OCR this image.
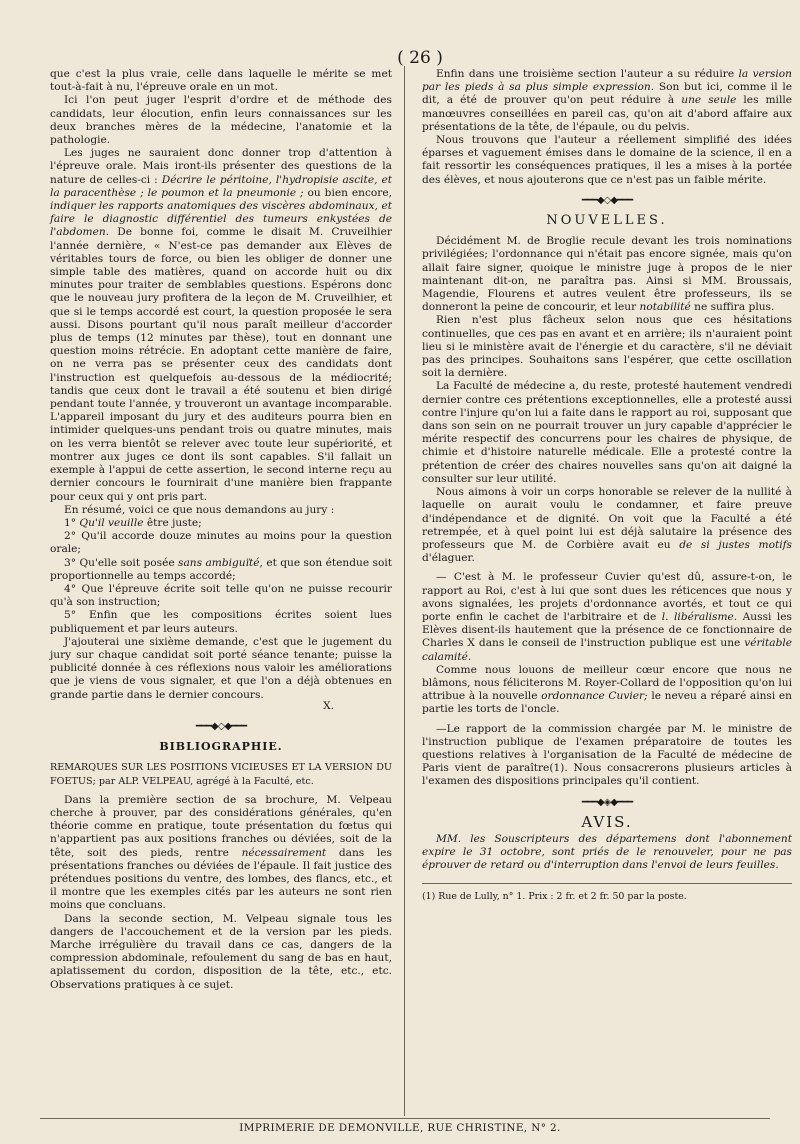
( 26 )

que c'est la plus vraie, celle dans laquelle le mérite se met tout-à-fait à nu, l'épreuve orale en un mot.

Ici l'on peut juger l'esprit d'ordre et de méthode des candidats, leur élocution, enfin leurs connaissances sur les deux branches mères de la médecine, l'anatomie et la pathologie.

Les juges ne sauraient donc donner trop d'attention à l'épreuve orale. Mais iront-ils présenter des questions de la nature de celles-ci : Décrire le péritoine, l'hydropisie ascite, et la paracenthèse ; le poumon et la pneumonie ; ou bien encore, indiquer les rapports anatomiques des viscères abdominaux, et faire le diagnostic différentiel des tumeurs enkystées de l'abdomen. De bonne foi, comme le disait M. Cruveilhier l'année dernière, « N'est-ce pas demander aux Elèves de véritables tours de force, ou bien les obliger de donner une simple table des matières, quand on accorde huit ou dix minutes pour traiter de semblables questions. Espérons donc que le nouveau jury profitera de la leçon de M. Cruveilhier, et que si le temps accordé est court, la question proposée le sera aussi. Disons pourtant qu'il nous paraît meilleur d'accorder plus de temps (12 minutes par thèse), tout en donnant une question moins rétrécie. En adoptant cette manière de faire, on ne verra pas se présenter ceux des candidats dont l'instruction est quelquefois au-dessous de la médiocrité; tandis que ceux dont le travail a été soutenu et bien dirigé pendant toute l'année, y trouveront un avantage incomparable. L'appareil imposant du jury et des auditeurs pourra bien en intimider quelques-uns pendant trois ou quatre minutes, mais on les verra bientôt se relever avec toute leur supériorité, et montrer aux juges ce dont ils sont capables. S'il fallait un exemple à l'appui de cette assertion, le second interne reçu au dernier concours le fournirait d'une manière bien frappante pour ceux qui y ont pris part.

En résumé, voici ce que nous demandons au jury :

1° Qu'il veuille être juste;

2° Qu'il accorde douze minutes au moins pour la question orale;

3° Qu'elle soit posée sans ambiguïté, et que son étendue soit proportionnelle au temps accordé;

4° Que l'épreuve écrite soit telle qu'on ne puisse recourir qu'à son instruction;

5° Enfin que les compositions écrites soient lues publiquement et par leurs auteurs.

J'ajouterai une sixième demande, c'est que le jugement du jury sur chaque candidat soit porté séance tenante; puisse la publicité donnée à ces réflexions nous valoir les améliorations que je viens de vous signaler, et que l'on a déjà obtenues en grande partie dans le dernier concours.

X.
━━━◆◇◆━━━
BIBLIOGRAPHIE.

REMARQUES SUR LES POSITIONS VICIEUSES ET LA VERSION DU FOETUS; par ALP. VELPEAU, agrégé à la Faculté, etc.

Dans la première section de sa brochure, M. Velpeau cherche à prouver, par des considérations générales, qu'en théorie comme en pratique, toute présentation du fœtus qui n'appartient pas aux positions franches ou déviées, soit de la tête, soit des pieds, rentre nécessairement dans les présentations franches ou déviées de l'épaule. Il fait justice des prétendues positions du ventre, des lombes, des flancs, etc., et il montre que les exemples cités par les auteurs ne sont rien moins que concluans.

Dans la seconde section, M. Velpeau signale tous les dangers de l'accouchement et de la version par les pieds. Marche irrégulière du travail dans ce cas, dangers de la compression abdominale, refoulement du sang de bas en haut, aplatissement du cordon, disposition de la tête, etc., etc. Observations pratiques à ce sujet.

Enfin dans une troisième section l'auteur a su réduire la version par les pieds à sa plus simple expression. Son but ici, comme il le dit, a été de prouver qu'on peut réduire à une seule les mille manœuvres conseillées en pareil cas, qu'on ait d'abord affaire aux présentations de la tête, de l'épaule, ou du pelvis.

Nous trouvons que l'auteur a réellement simplifié des idées éparses et vaguement émises dans le domaine de la science, il en a fait ressortir les conséquences pratiques, il les a mises à la portée des élèves, et nous ajouterons que ce n'est pas un faible mérite.

━━━◆◇◆━━━
NOUVELLES.

Décidément M. de Broglie recule devant les trois nominations privilégiées; l'ordonnance qui n'était pas encore signée, mais qu'on allait faire signer, quoique le ministre juge à propos de le nier maintenant dit-on, ne paraîtra pas. Ainsi si MM. Broussais, Magendie, Flourens et autres veulent être professeurs, ils se donneront la peine de concourir, et leur notabilité ne suffira plus.

Rien n'est plus fâcheux selon nous que ces hésitations continuelles, que ces pas en avant et en arrière; ils n'auraient point lieu si le ministère avait de l'énergie et du caractère, s'il ne déviait pas des principes. Souhaitons sans l'espérer, que cette oscillation soit la dernière.

La Faculté de médecine a, du reste, protesté hautement vendredi dernier contre ces prétentions exceptionnelles, elle a protesté aussi contre l'injure qu'on lui a faite dans le rapport au roi, supposant que dans son sein on ne pourrait trouver un jury capable d'apprécier le mérite respectif des concurrens pour les chaires de physique, de chimie et d'histoire naturelle médicale. Elle a protesté contre la prétention de créer des chaires nouvelles sans qu'on ait daigné la consulter sur leur utilité.

Nous aimons à voir un corps honorable se relever de la nullité à laquelle on aurait voulu le condamner, et faire preuve d'indépendance et de dignité. On voit que la Faculté a été retrempée, et à quel point lui est déjà salutaire la présence des professeurs que M. de Corbière avait eu de si justes motifs d'élaguer.

— C'est à M. le professeur Cuvier qu'est dû, assure-t-on, le rapport au Roi, c'est à lui que sont dues les réticences que nous y avons signalées, les projets d'ordonnance avortés, et tout ce qui porte enfin le cachet de l'arbitraire et de l. libéralisme. Aussi les Elèves disent-ils hautement que la présence de ce fonctionnaire de Charles X dans le conseil de l'instruction publique est une véritable calamité.

Comme nous louons de meilleur cœur encore que nous ne blâmons, nous féliciterons M. Royer-Collard de l'opposition qu'on lui attribue à la nouvelle ordonnance Cuvier; le neveu a réparé ainsi en partie les torts de l'oncle.

—Le rapport de la commission chargée par M. le ministre de l'instruction publique de l'examen préparatoire de toutes les questions relatives à l'organisation de la Faculté de médecine de Paris vient de paraître(1). Nous consacrerons plusieurs articles à l'examen des dispositions principales qu'il contient.

━━━◆◈◆━━━
AVIS.

MM. les Souscripteurs des départemens dont l'abonnement expire le 31 octobre, sont priés de le renouveler, pour ne pas éprouver de retard ou d'interruption dans l'envoi de leurs feuilles.

(1) Rue de Lully, n° 1. Prix : 2 fr. et 2 fr. 50 par la poste.

IMPRIMERIE DE DEMONVILLE, RUE CHRISTINE, N° 2.
